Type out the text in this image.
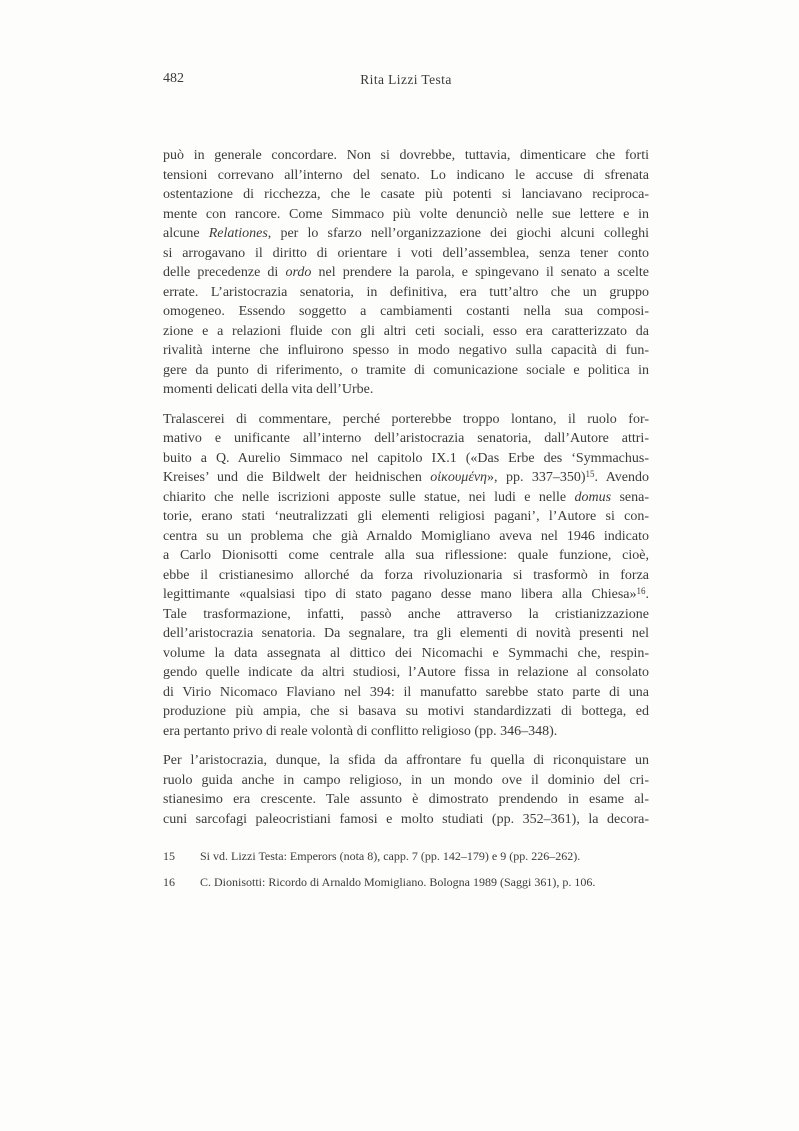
482	Rita Lizzi Testa
può in generale concordare. Non si dovrebbe, tuttavia, dimenticare che forti
tensioni correvano all’interno del senato. Lo indicano le accuse di sfrenata
ostentazione di ricchezza, che le casate più potenti si lanciavano reciproca-
mente con rancore. Come Simmaco più volte denunciò nelle sue lettere e in
alcune Relationes, per lo sfarzo nell’organizzazione dei giochi alcuni colleghi
si arrogavano il diritto di orientare i voti dell’assemblea, senza tener conto
delle precedenze di ordo nel prendere la parola, e spingevano il senato a scelte
errate. L’aristocrazia senatoria, in definitiva, era tutt’altro che un gruppo
omogeneo. Essendo soggetto a cambiamenti costanti nella sua composi-
zione e a relazioni fluide con gli altri ceti sociali, esso era caratterizzato da
rivalità interne che influirono spesso in modo negativo sulla capacità di fun-
gere da punto di riferimento, o tramite di comunicazione sociale e politica in
momenti delicati della vita dell’Urbe.
Tralascerei di commentare, perché porterebbe troppo lontano, il ruolo for-
mativo e unificante all’interno dell’aristocrazia senatoria, dall’Autore attri-
buito a Q. Aurelio Simmaco nel capitolo IX.1 («Das Erbe des ‘Symmachus-
Kreises’ und die Bildwelt der heidnischen οἰκουμένη», pp. 337–350)$^{15}$. Avendo
chiarito che nelle iscrizioni apposte sulle statue, nei ludi e nelle domus sena-
torie, erano stati ‘neutralizzati gli elementi religiosi pagani’, l’Autore si con-
centra su un problema che già Arnaldo Momigliano aveva nel 1946 indicato
a Carlo Dionisotti come centrale alla sua riflessione: quale funzione, cioè,
ebbe il cristianesimo allorché da forza rivoluzionaria si trasformò in forza
legittimante «qualsiasi tipo di stato pagano desse mano libera alla Chiesa»$^{16}$.
Tale trasformazione, infatti, passò anche attraverso la cristianizzazione
dell’aristocrazia senatoria. Da segnalare, tra gli elementi di novità presenti nel
volume la data assegnata al dittico dei Nicomachi e Symmachi che, respin-
gendo quelle indicate da altri studiosi, l’Autore fissa in relazione al consolato
di Virio Nicomaco Flaviano nel 394: il manufatto sarebbe stato parte di una
produzione più ampia, che si basava su motivi standardizzati di bottega, ed
era pertanto privo di reale volontà di conflitto religioso (pp. 346–348).
Per l’aristocrazia, dunque, la sfida da affrontare fu quella di riconquistare un
ruolo guida anche in campo religioso, in un mondo ove il dominio del cri-
stianesimo era crescente. Tale assunto è dimostrato prendendo in esame al-
cuni sarcofagi paleocristiani famosi e molto studiati (pp. 352–361), la decora-
15	Si vd. Lizzi Testa: Emperors (nota 8), capp. 7 (pp. 142–179) e 9 (pp. 226–262).
16	C. Dionisotti: Ricordo di Arnaldo Momigliano. Bologna 1989 (Saggi 361), p. 106.
